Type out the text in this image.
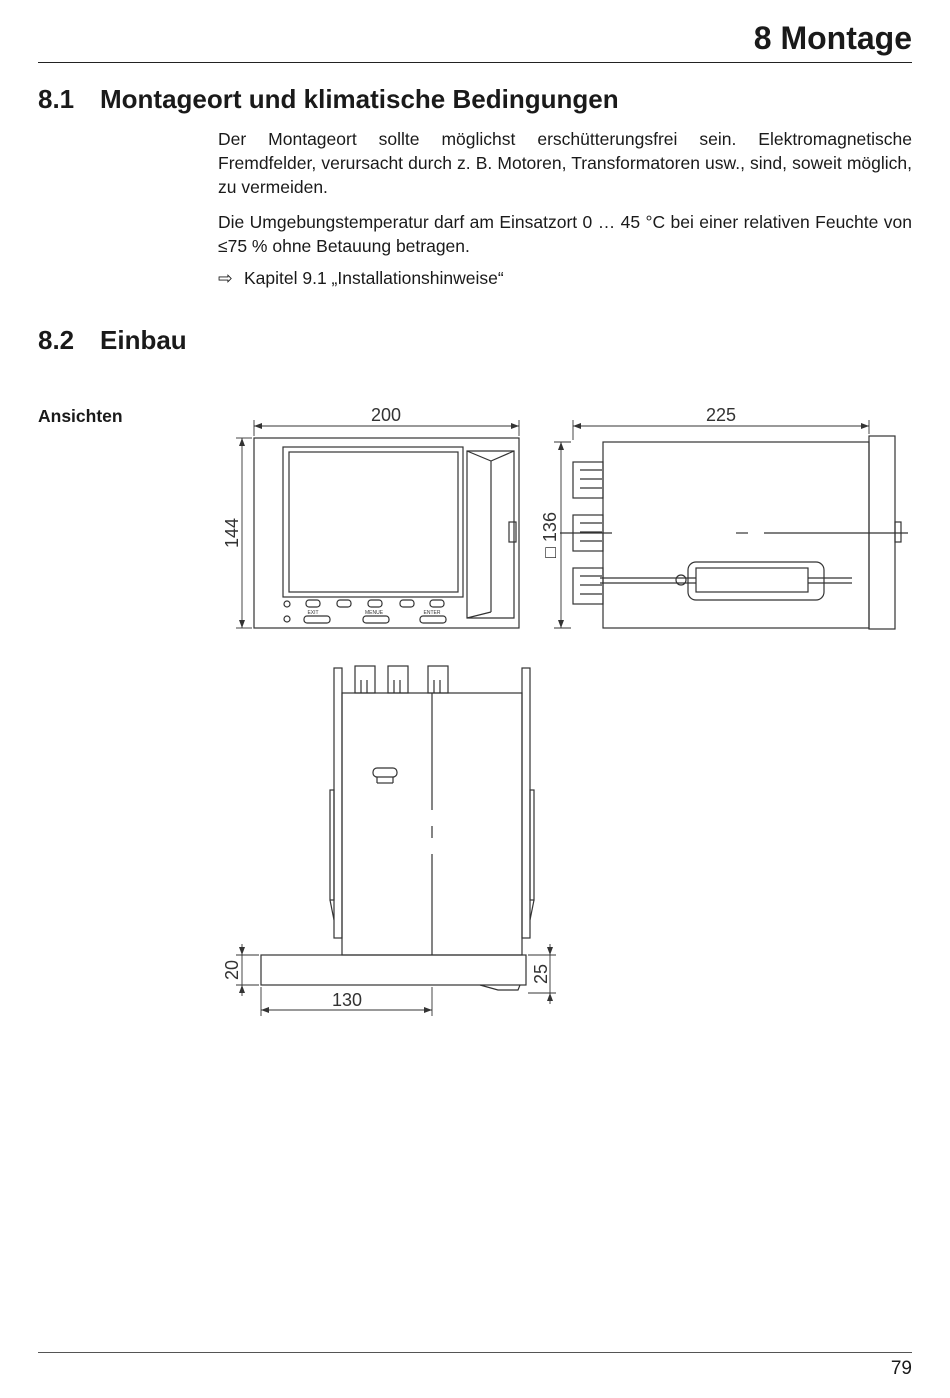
8 Montage
8.1 Montageort und klimatische Bedingungen

Der Montageort sollte möglichst erschütterungsfrei sein. Elektromagnetische Fremdfelder, verursacht durch z. B. Motoren, Transformatoren usw., sind, soweit möglich, zu vermeiden.

Die Umgebungstemperatur darf am Einsatzort 0 … 45 °C bei einer relativen Feuchte von ≤75 % ohne Betauung betragen.

⇨ Kapitel 9.1 „Installationshinweise“
8.2 Einbau
Ansichten	200
144
EXIT	MENUE	ENTER
225
□ 136
20	25
130
79
